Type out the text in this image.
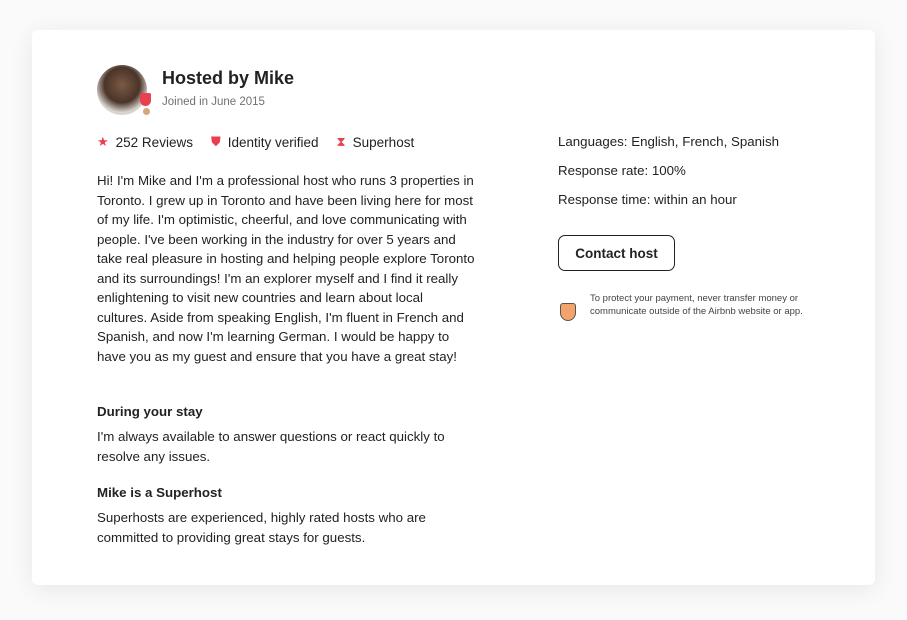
Hosted by Mike
Joined in June 2015
★ 252 Reviews ⛊ Identity verified ⧗ Superhost
Hi! I'm Mike and I'm a professional host who runs 3 properties in Toronto. I grew up in Toronto and have been living here for most of my life. I'm optimistic, cheerful, and love communicating with people. I've been working in the industry for over 5 years and take real pleasure in hosting and helping people explore Toronto and its surroundings! I'm an explorer myself and I find it really enlightening to visit new countries and learn about local cultures. Aside from speaking English, I'm fluent in French and Spanish, and now I'm learning German. I would be happy to have you as my guest and ensure that you have a great stay!
During your stay
I'm always available to answer questions or react quickly to resolve any issues.
Mike is a Superhost
Superhosts are experienced, highly rated hosts who are committed to providing great stays for guests.
Languages: English, French, Spanish
Response rate: 100%
Response time: within an hour
Contact host
To protect your payment, never transfer money or communicate outside of the Airbnb website or app.
